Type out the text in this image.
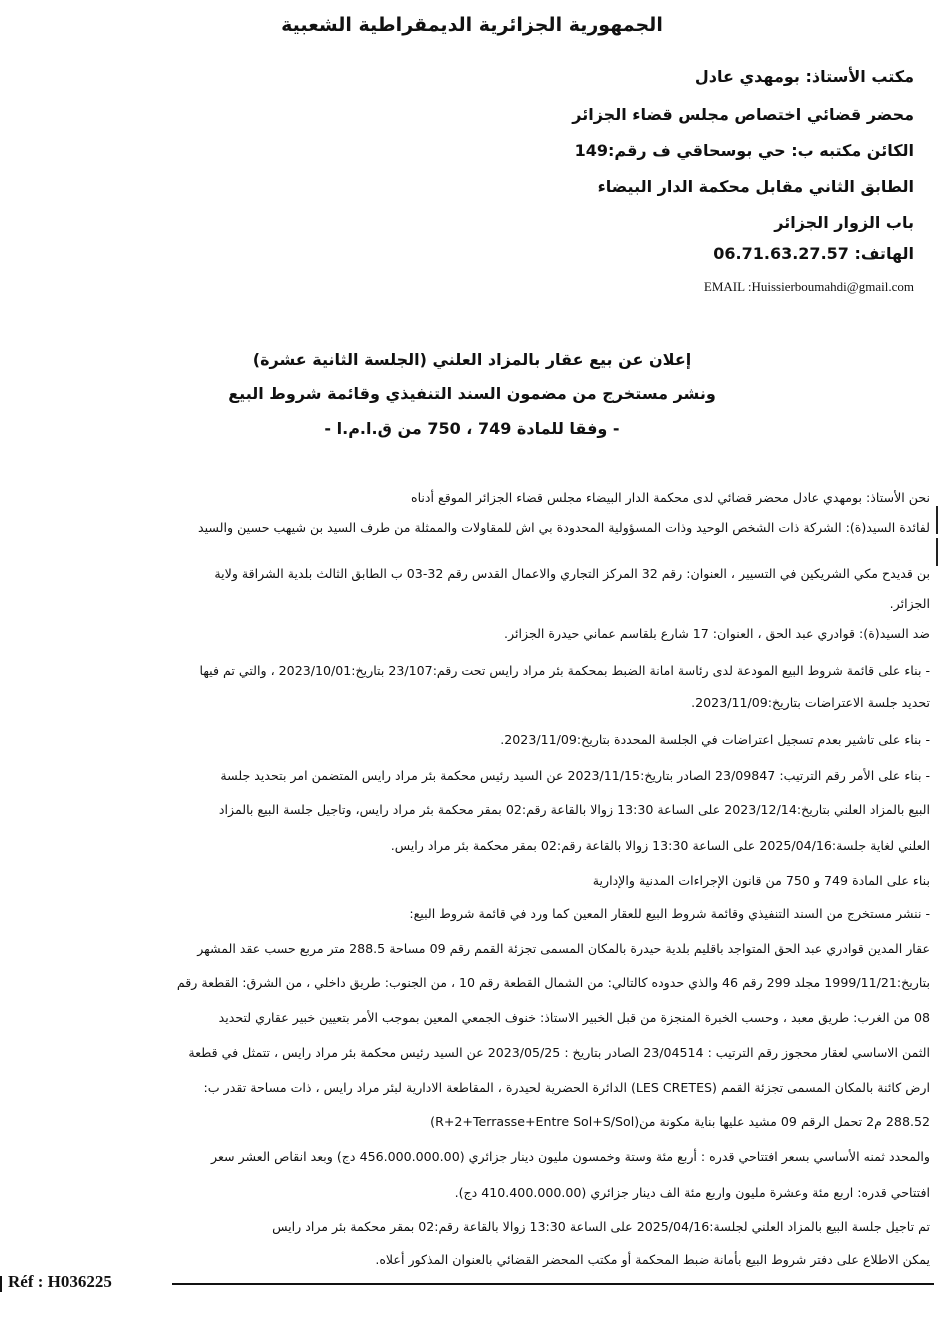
الجمهورية الجزائرية الديمقراطية الشعبية
مكتب الأستاذ: بومهدي عادل
محضر قضائي اختصاص مجلس قضاء الجزائر
الكائن مكتبه ب: حي بوسحاقي ف رقم:149
الطابق الثاني مقابل محكمة الدار البيضاء
باب الزوار الجزائر
الهاتف: 06.71.63.27.57
EMAIL :Huissierboumahdi@gmail.com
إعلان عن بيع عقار بالمزاد العلني (الجلسة الثانية عشرة)
ونشر مستخرج من مضمون السند التنفيذي وقائمة شروط البيع
- وفقا للمادة 749 ، 750 من ق.ا.م.ا -
نحن الأستاذ: بومهدي عادل محضر قضائي لدى محكمة الدار البيضاء مجلس قضاء الجزائر الموقع أدناه
لفائدة السيد(ة): الشركة ذات الشخص الوحيد وذات المسؤولية المحدودة بي اش للمقاولات والممثلة من طرف السيد بن شيهب حسين والسيد
بن قديدح مكي الشريكين في التسيير ، العنوان: رقم 32 المركز التجاري والاعمال القدس رقم 32-03 ب الطابق الثالث بلدية الشراقة ولاية
الجزائر.
ضد السيد(ة): قوادري عبد الحق ، العنوان: 17 شارع بلقاسم عماني حيدرة الجزائر.
- بناء على قائمة شروط البيع المودعة لدى رئاسة امانة الضبط بمحكمة بئر مراد رايس تحت رقم:23/107 بتاريخ:2023/10/01 ، والتي تم فيها
تحديد جلسة الاعتراضات بتاريخ:2023/11/09.
- بناء على تاشير بعدم تسجيل اعتراضات في الجلسة المحددة بتاريخ:2023/11/09.
- بناء على الأمر رقم الترتيب: 23/09847 الصادر بتاريخ:2023/11/15 عن السيد رئيس محكمة بئر مراد رايس المتضمن امر بتحديد جلسة
البيع بالمزاد العلني بتاريخ:2023/12/14 على الساعة 13:30 زوالا بالقاعة رقم:02 بمقر محكمة بئر مراد رايس، وتاجيل جلسة البيع بالمزاد
العلني لغاية جلسة:2025/04/16 على الساعة 13:30 زوالا بالقاعة رقم:02 بمقر محكمة بئر مراد رايس.
بناء على المادة 749 و 750 من قانون الإجراءات المدنية والإدارية
- ننشر مستخرج من السند التنفيذي وقائمة شروط البيع للعقار المعين كما ورد في قائمة شروط البيع:
عقار المدين قوادري عبد الحق المتواجد باقليم بلدية حيدرة بالمكان المسمى تجزئة القمم رقم 09 مساحة 288.5 متر مربع حسب عقد المشهر
بتاريخ:1999/11/21 مجلد 299 رقم 46 والذي حدوده كالتالي: من الشمال القطعة رقم 10 ، من الجنوب: طريق داخلي ، من الشرق: القطعة رقم
08 من الغرب: طريق معبد ، وحسب الخبرة المنجزة من قبل الخبير الاستاذ: خنوف الجمعي المعين بموجب الأمر بتعيين خبير عقاري لتحديد
الثمن الاساسي لعقار محجوز رقم الترتيب : 23/04514 الصادر بتاريخ : 2023/05/25 عن السيد رئيس محكمة بئر مراد رايس ، تتمثل في قطعة
ارض كائنة بالمكان المسمى تجزئة القمم (LES CRETES) الدائرة الحضرية لحيدرة ، المقاطعة الادارية لبئر مراد رايس ، ذات مساحة تقدر ب:
288.52 م2 تحمل الرقم 09 مشيد عليها بناية مكونة من(R+2+Terrasse+Entre Sol+S/Sol)
والمحدد ثمنه الأساسي بسعر افتتاحي قدره : أربع مئة وستة وخمسون مليون دينار جزائري (456.000.000.00 دج) وبعد انقاص العشر سعر
افتتاحي قدره: اربع مئة وعشرة مليون واربع مئة الف دينار جزائري (410.400.000.00 دج).
تم تاجيل جلسة البيع بالمزاد العلني لجلسة:2025/04/16 على الساعة 13:30 زوالا بالقاعة رقم:02 بمقر محكمة بئر مراد رايس
يمكن الاطلاع على دفتر شروط البيع بأمانة ضبط المحكمة أو مكتب المحضر القضائي بالعنوان المذكور أعلاه.
Réf : H036225
